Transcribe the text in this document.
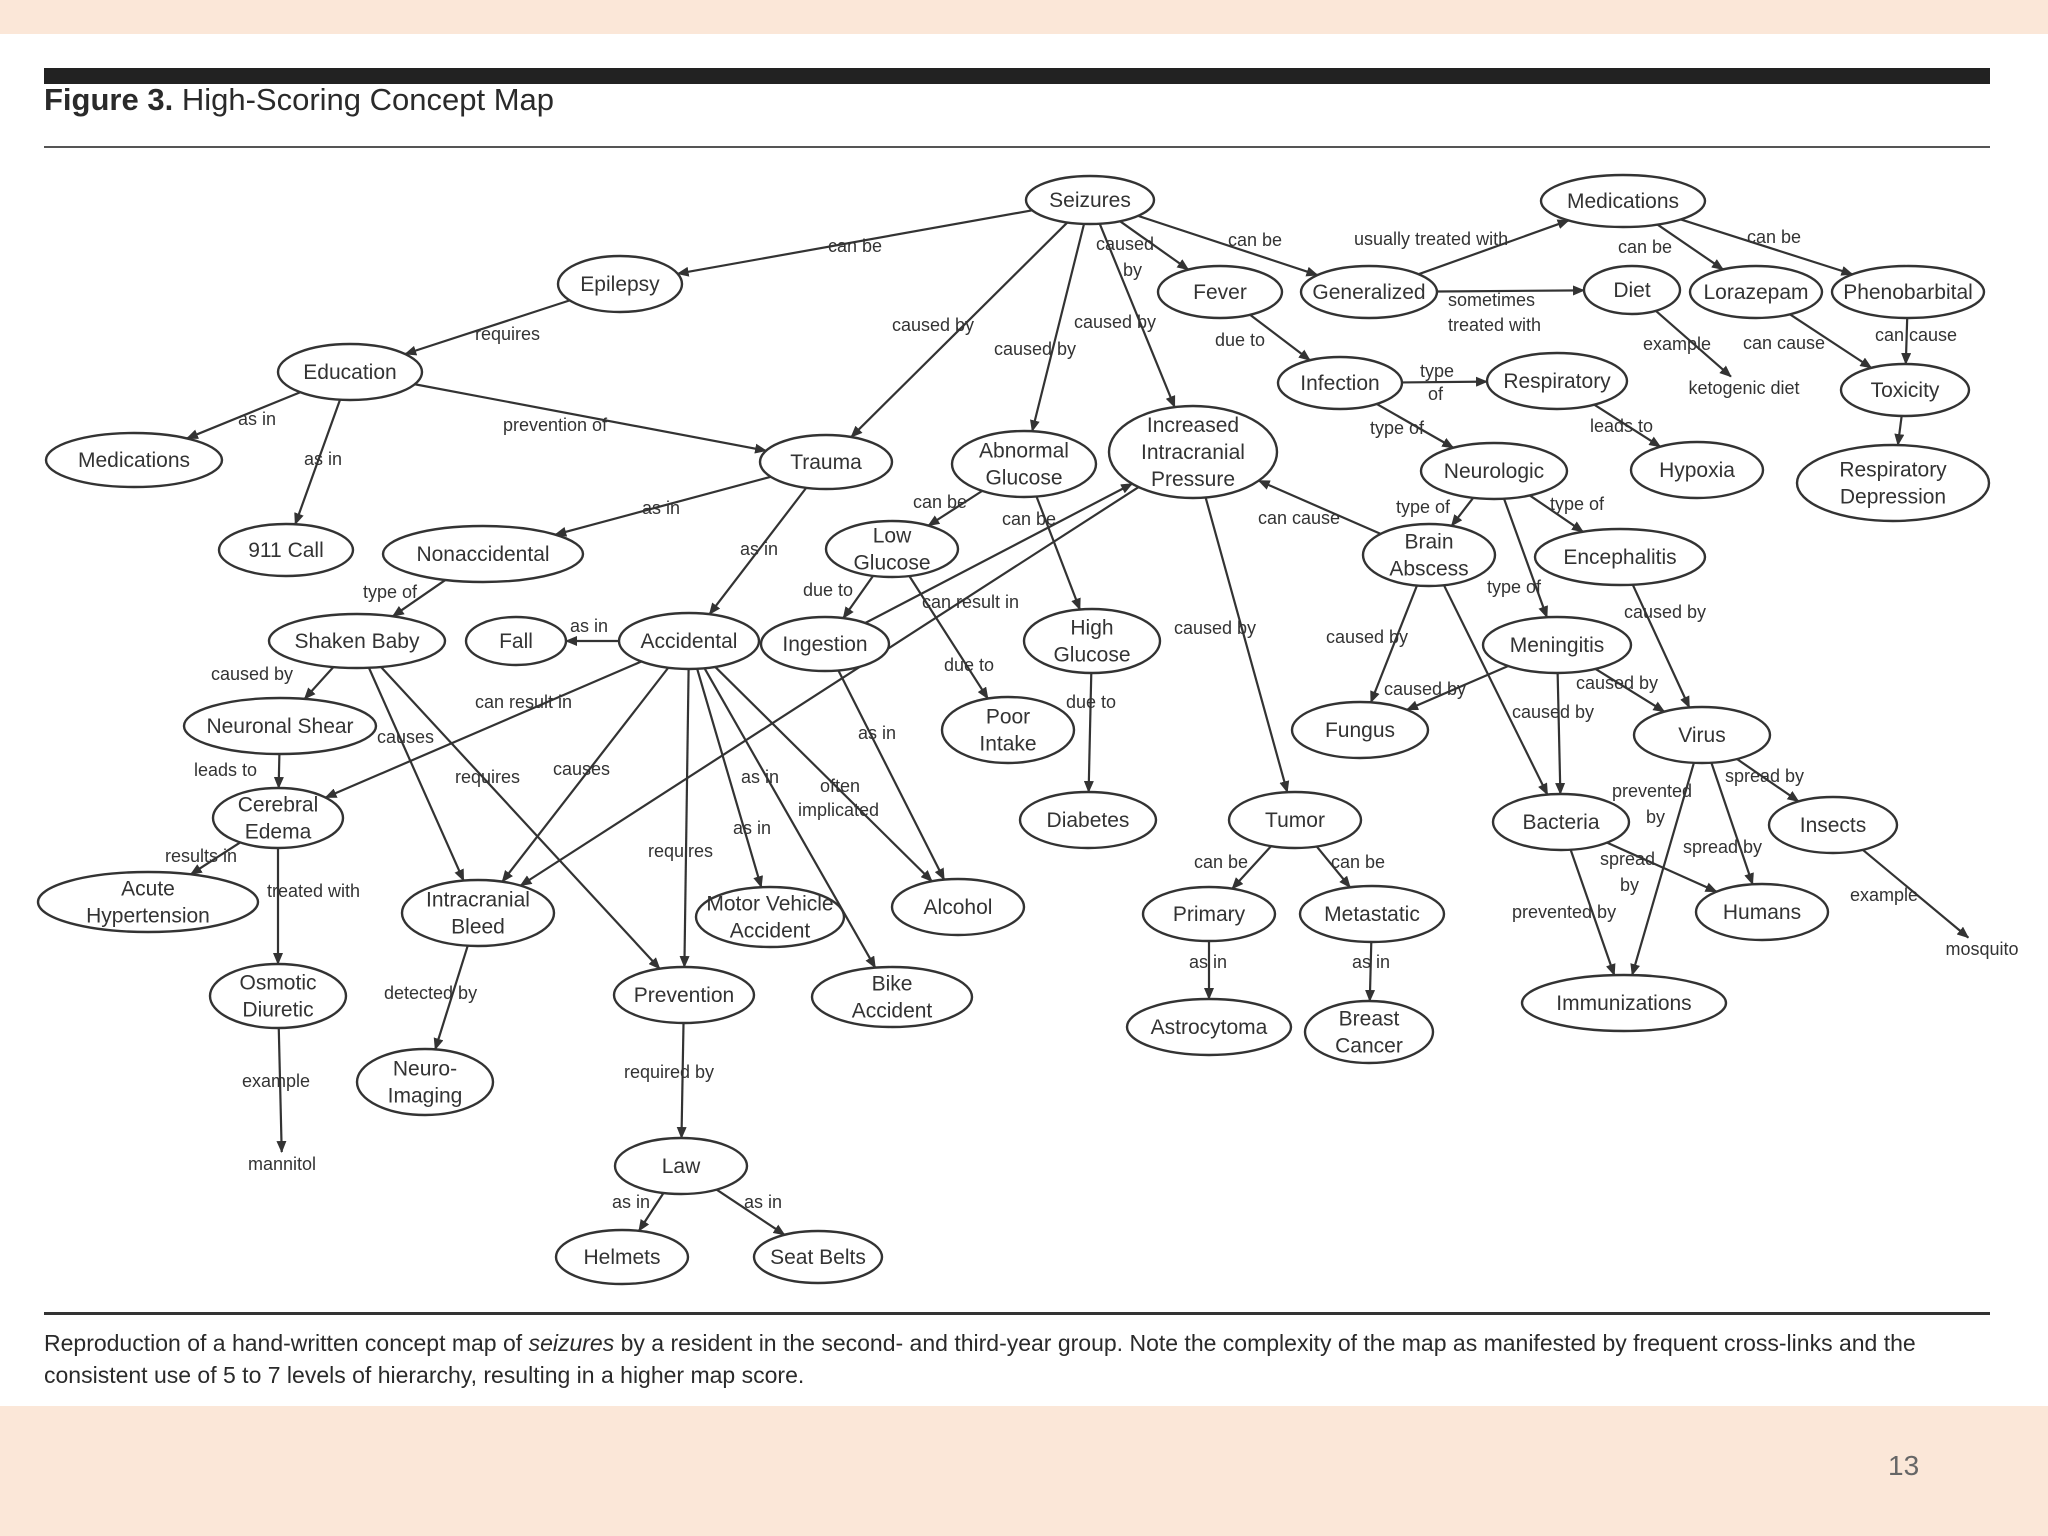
Figure 3. High-Scoring Concept Map
can be	caused
by
can be	usually treated with	can be	can be
sometimes
treated with
requires	caused by	caused by
caused by	due to	example can cause	can cause
type
of
type of	leads to
as in
as in
prevention of
as in	can be
can be	can cause
type of	type of
as in
due to
can result in
type of
type of
caused by	caused by
caused by
caused by
as in
due to
caused by	caused by
caused by
can result in	due to
as in
causes
leads to	requires causes	as in often
implicated
spread by
prevented
by
as in
results in	requires	spread by
can be	can be	spread
by
treated with
prevented by
example
as in	as in
detected by
example	required by
as in	as in
Seizures	Medications
Epilepsy	Fever	Generalized	Diet	Lorazepam Phenobarbital
Education	Infection	Respiratory	Toxicity
Medications	Trauma	Abnormal Glucose
Increased Intracranial Pressure	Neurologic	Hypoxia	Respiratory Depression
911 Call	Nonaccidental
Low Glucose
Brain Abscess	Encephalitis
Shaken Baby	Fall	Accidental Ingestion
High Glucose	Meningitis
Neuronal Shear	Poor Intake
Fungus	Virus
Cerebral Edema	Diabetes	Tumor	Bacteria	Insects
Acute Hypertension
Intracranial Bleed
Motor Vehicle Accident
Alcohol	Primary	Metastatic	Humans
Osmotic Diuretic
Prevention	Bike Accident
Astrocytoma	Breast Cancer
Immunizations
Neuro-Imaging
Law
Helmets	Seat Belts
ketogenic diet
mannitol
mosquito
Reproduction of a hand-written concept map of seizures by a resident in the second- and third-year group. Note the complexity of the map as manifested by frequent cross-links and the consistent use of 5 to 7 levels of hierarchy, resulting in a higher map score.
13
